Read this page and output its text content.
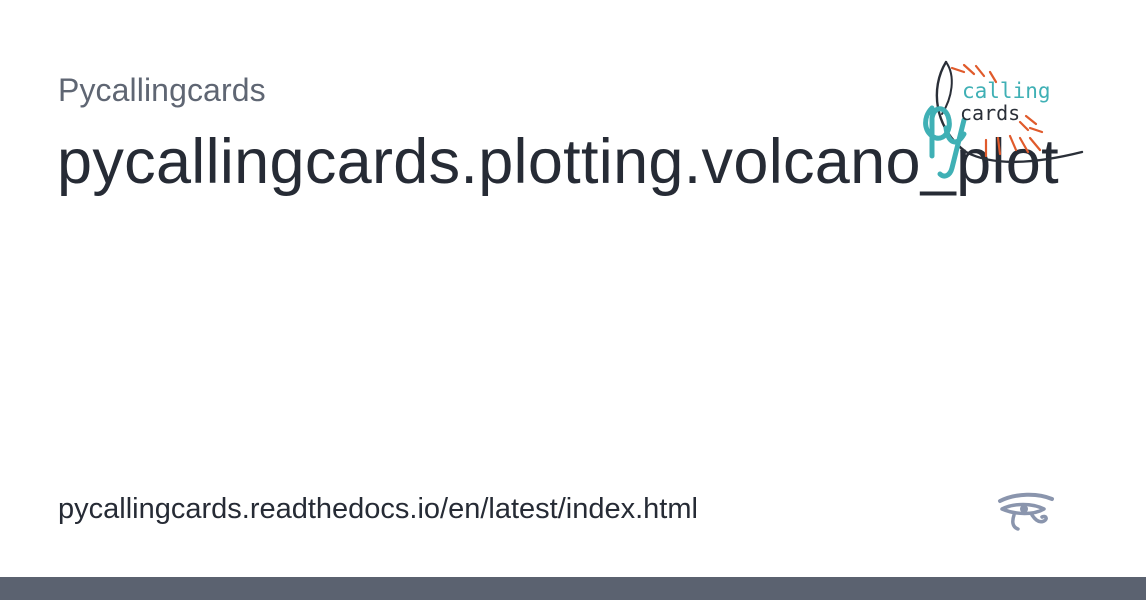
Pycallingcards
pycallingcards.plotting.volcano_plot
calling
cards
pycallingcards.readthedocs.io/en/latest/index.html
